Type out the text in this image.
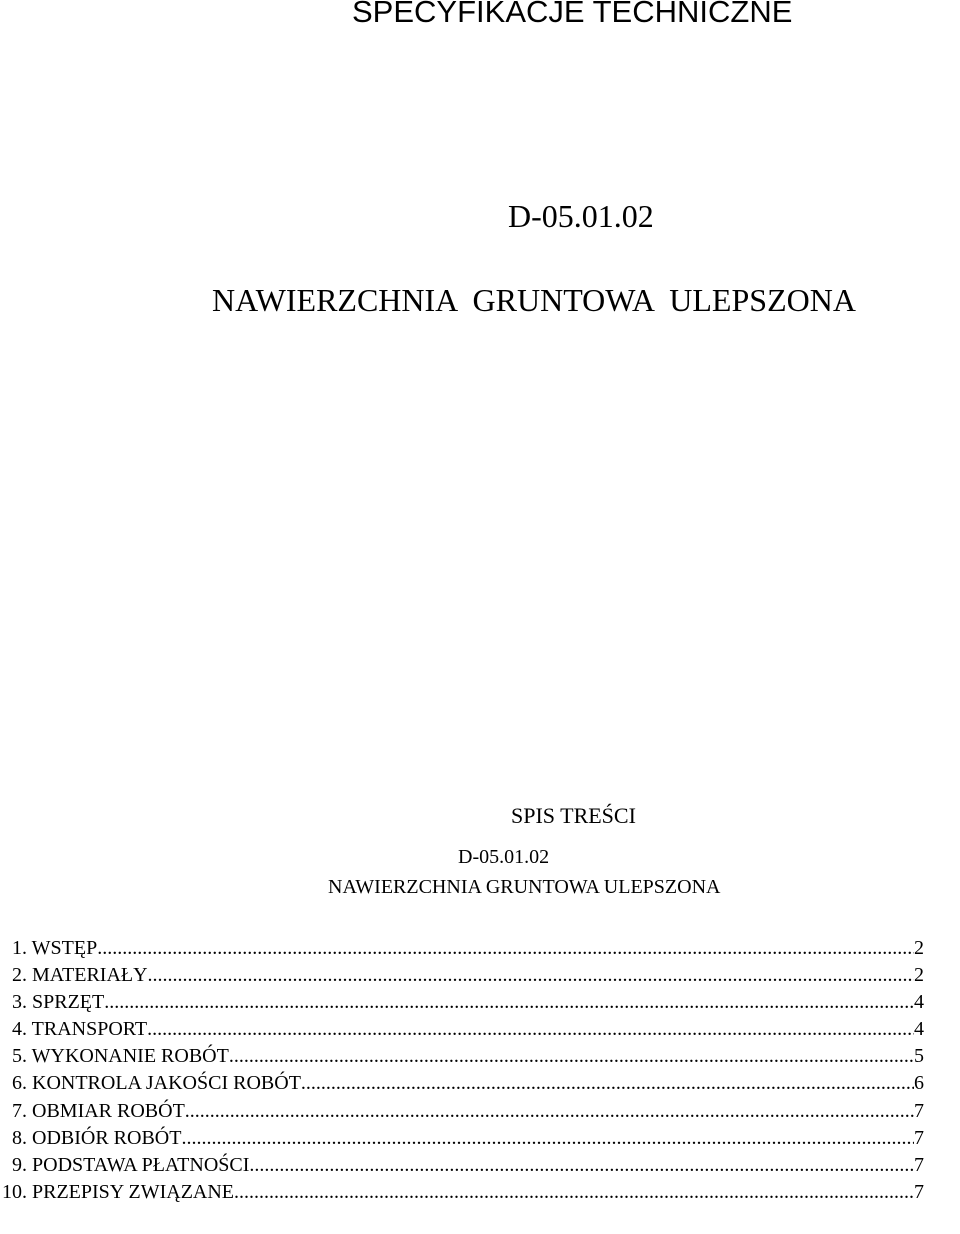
SPECYFIKACJE TECHNICZNE
D-05.01.02
NAWIERZCHNIA  GRUNTOWA  ULEPSZONA
SPIS TREŚCI
D-05.01.02
NAWIERZCHNIA GRUNTOWA ULEPSZONA
1. WSTĘP .....	2
2. MATERIAŁY .....	2
3. SPRZĘT .....	4
4. TRANSPORT .....	4
5. WYKONANIE ROBÓT .....	5
6. KONTROLA JAKOŚCI ROBÓT .....	6
7. OBMIAR ROBÓT .....	7
8. ODBIÓR ROBÓT .....	7
9. PODSTAWA PŁATNOŚCI .....	7
10. PRZEPISY ZWIĄZANE .....	7
